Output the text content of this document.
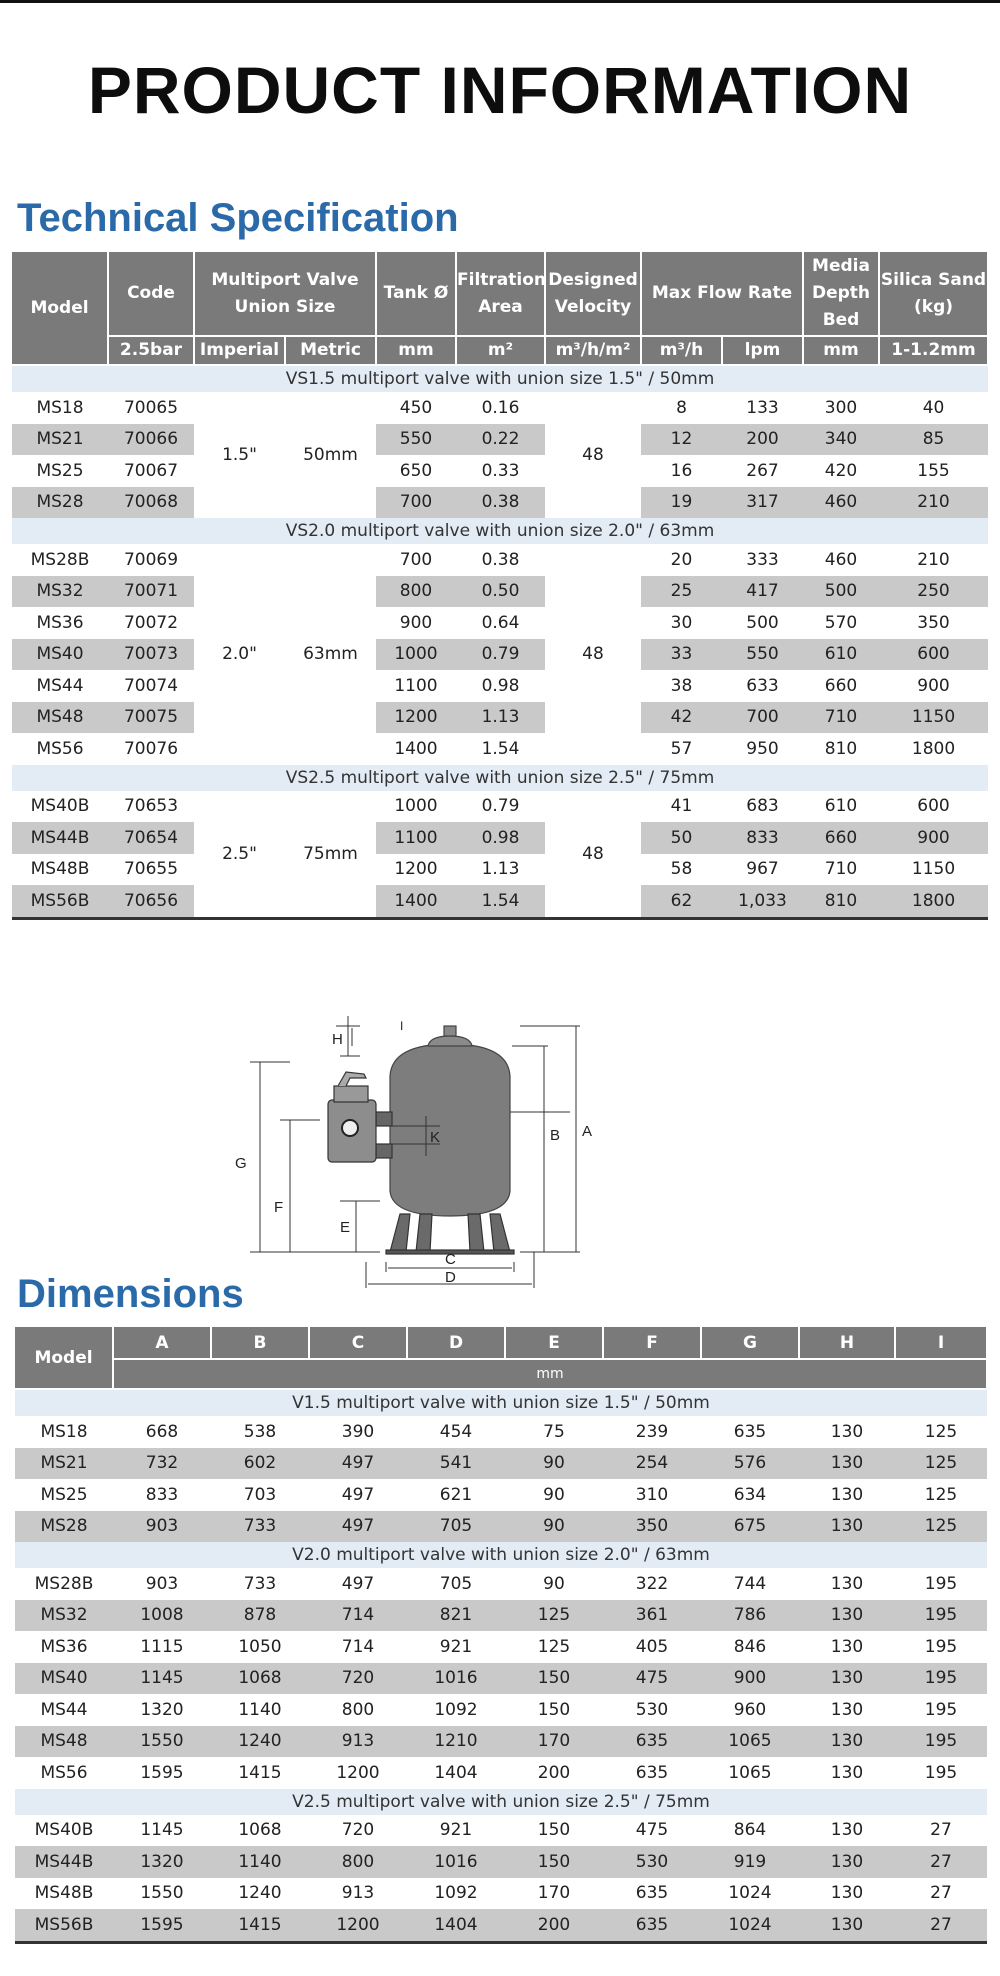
PRODUCT INFORMATION
Technical Specification
Model	Code	Multiport Valve Union Size		Tank Ø	Filtration Area	Designed Velocity	Max Flow Rate		Media Depth Bed	Silica Sand (kg)
	2.5bar	Imperial	Metric	mm	m²	m³/h/m²	m³/h	lpm	mm	1-1.2mm
VS1.5 multiport valve with union size 1.5" / 50mm										
MS18	70065	1.5"	50mm	450	0.16	48	8	133	300	40
MS21	70066			550	0.22		12	200	340	85
MS25	70067			650	0.33		16	267	420	155
MS28	70068			700	0.38		19	317	460	210
VS2.0 multiport valve with union size 2.0" / 63mm										
MS28B	70069	2.0"	63mm	700	0.38	48	20	333	460	210
MS32	70071			800	0.50		25	417	500	250
MS36	70072			900	0.64		30	500	570	350
MS40	70073			1000	0.79		33	550	610	600
MS44	70074			1100	0.98		38	633	660	900
MS48	70075			1200	1.13		42	700	710	1150
MS56	70076			1400	1.54		57	950	810	1800
VS2.5 multiport valve with union size 2.5" / 75mm										
MS40B	70653	2.5"	75mm	1000	0.79	48	41	683	610	600
MS44B	70654			1100	0.98		50	833	660	900
MS48B	70655			1200	1.13		58	967	710	1150
MS56B	70656			1400	1.54		62	1,033	810	1800
H
I
A
B
G
F
K
E
C
D
Dimensions
Model	A	B	C	D	E	F	G	H	I
	mm								
V1.5 multiport valve with union size 1.5" / 50mm									
MS18	668	538	390	454	75	239	635	130	125
MS21	732	602	497	541	90	254	576	130	125
MS25	833	703	497	621	90	310	634	130	125
MS28	903	733	497	705	90	350	675	130	125
V2.0 multiport valve with union size 2.0" / 63mm									
MS28B	903	733	497	705	90	322	744	130	195
MS32	1008	878	714	821	125	361	786	130	195
MS36	1115	1050	714	921	125	405	846	130	195
MS40	1145	1068	720	1016	150	475	900	130	195
MS44	1320	1140	800	1092	150	530	960	130	195
MS48	1550	1240	913	1210	170	635	1065	130	195
MS56	1595	1415	1200	1404	200	635	1065	130	195
V2.5 multiport valve with union size 2.5" / 75mm									
MS40B	1145	1068	720	921	150	475	864	130	27
MS44B	1320	1140	800	1016	150	530	919	130	27
MS48B	1550	1240	913	1092	170	635	1024	130	27
MS56B	1595	1415	1200	1404	200	635	1024	130	27
